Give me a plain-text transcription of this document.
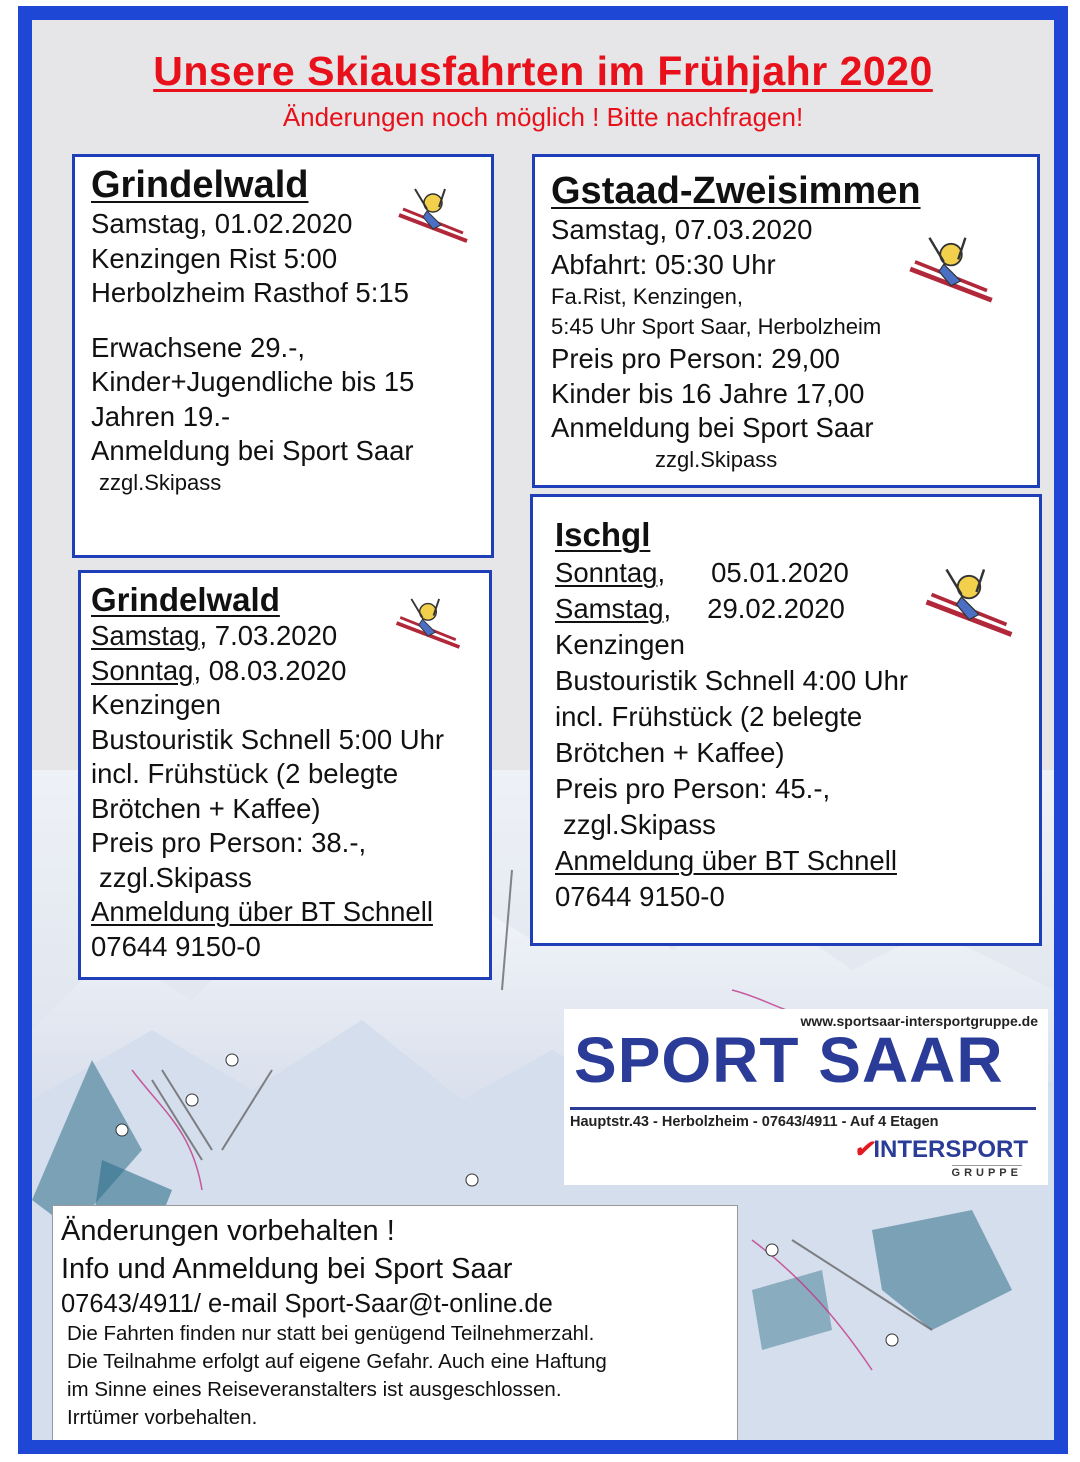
Unsere Skiausfahrten im Frühjahr 2020
Änderungen noch möglich ! Bitte nachfragen!
Grindelwald
Samstag, 01.02.2020
Kenzingen Rist 5:00
Herbolzheim Rasthof 5:15
Erwachsene 29.-,
Kinder+Jugendliche bis 15
Jahren 19.-
Anmeldung bei Sport Saar
zzgl.Skipass
Gstaad-Zweisimmen
Samstag, 07.03.2020
Abfahrt: 05:30 Uhr
Fa.Rist, Kenzingen,
5:45 Uhr Sport Saar, Herbolzheim
Preis pro Person: 29,00
Kinder bis 16 Jahre 17,00
Anmeldung bei Sport Saar
zzgl.Skipass
Grindelwald
Samstag, 7.03.2020
Sonntag, 08.03.2020
Kenzingen
Bustouristik Schnell 5:00 Uhr
incl. Frühstück (2 belegte
Brötchen + Kaffee)
Preis pro Person: 38.-,
zzgl.Skipass
Anmeldung über BT Schnell
07644 9150-0
Ischgl
Sonntag, 05.01.2020
Samstag, 29.02.2020
Kenzingen
Bustouristik Schnell 4:00 Uhr
incl. Frühstück (2 belegte
Brötchen + Kaffee)
Preis pro Person: 45.-,
zzgl.Skipass
Anmeldung über BT Schnell
07644 9150-0
www.sportsaar-intersportgruppe.de
SPORT SAAR
Hauptstr.43 - Herbolzheim - 07643/4911 - Auf 4 Etagen
✔INTERSPORT
GRUPPE
Änderungen vorbehalten !
Info und Anmeldung bei Sport Saar
07643/4911/ e-mail Sport-Saar@t-online.de
Die Fahrten finden nur statt bei genügend Teilnehmerzahl.
Die Teilnahme erfolgt auf eigene Gefahr. Auch eine Haftung
im Sinne eines Reiseveranstalters ist ausgeschlossen.
Irrtümer vorbehalten.
